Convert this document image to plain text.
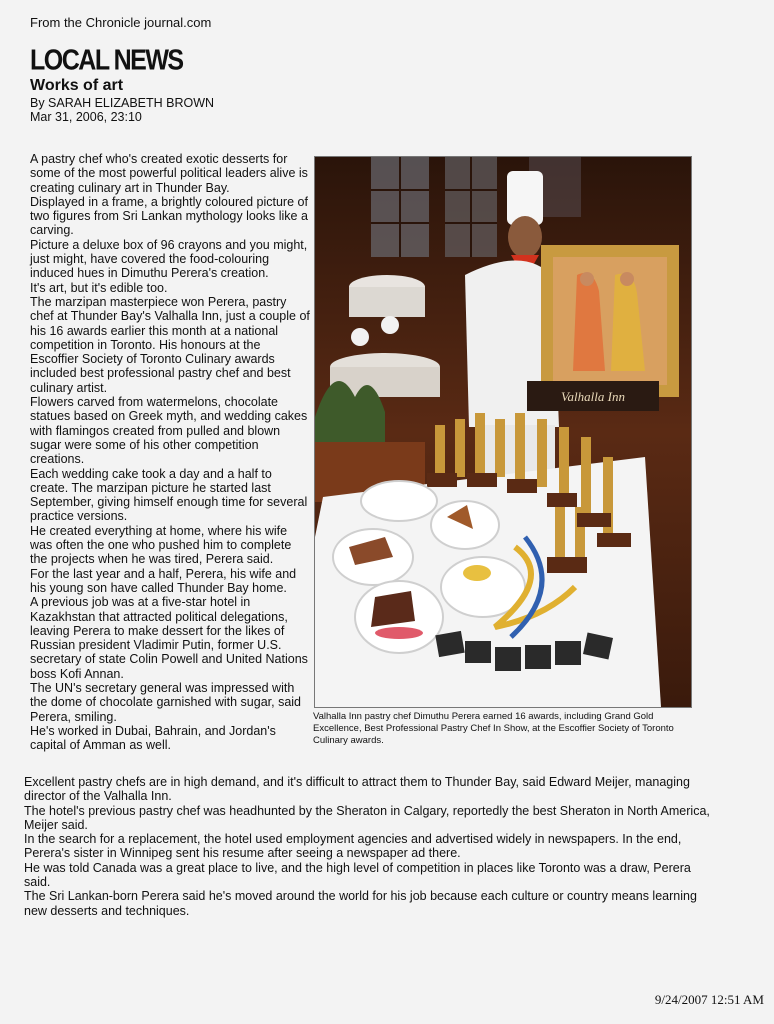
From the Chronicle journal.com
LOCAL NEWS
Works of art
By SARAH ELIZABETH BROWN
Mar 31, 2006, 23:10

A pastry chef who's created exotic desserts for some of the most powerful political leaders alive is creating culinary art in Thunder Bay.

Displayed in a frame, a brightly coloured picture of two figures from Sri Lankan mythology looks like a carving.

Picture a deluxe box of 96 crayons and you might, just might, have covered the food-colouring induced hues in Dimuthu Perera's creation.

It's art, but it's edible too.

The marzipan masterpiece won Perera, pastry chef at Thunder Bay's Valhalla Inn, just a couple of his 16 awards earlier this month at a national competition in Toronto. His honours at the Escoffier Society of Toronto Culinary awards included best professional pastry chef and best culinary artist.

Flowers carved from watermelons, chocolate statues based on Greek myth, and wedding cakes with flamingos created from pulled and blown sugar were some of his other competition creations.

Each wedding cake took a day and a half to create. The marzipan picture he started last September, giving himself enough time for several practice versions.

He created everything at home, where his wife was often the one who pushed him to complete the projects when he was tired, Perera said.

For the last year and a half, Perera, his wife and his young son have called Thunder Bay home.

A previous job was at a five-star hotel in Kazakhstan that attracted political delegations, leaving Perera to make dessert for the likes of Russian president Vladimir Putin, former U.S. secretary of state Colin Powell and United Nations boss Kofi Annan.

The UN's secretary general was impressed with the dome of chocolate garnished with sugar, said Perera, smiling.

He's worked in Dubai, Bahrain, and Jordan's capital of Amman as well.

Valhalla Inn
Valhalla Inn pastry chef Dimuthu Perera earned 16 awards, including Grand Gold Excellence, Best Professional Pastry Chef In Show, at the Escoffier Society of Toronto Culinary awards.

Excellent pastry chefs are in high demand, and it's difficult to attract them to Thunder Bay, said Edward Meijer, managing director of the Valhalla Inn.

The hotel's previous pastry chef was headhunted by the Sheraton in Calgary, reportedly the best Sheraton in North America, Meijer said.

In the search for a replacement, the hotel used employment agencies and advertised widely in newspapers. In the end, Perera's sister in Winnipeg sent his resume after seeing a newspaper ad there.

He was told Canada was a great place to live, and the high level of competition in places like Toronto was a draw, Perera said.

The Sri Lankan-born Perera said he's moved around the world for his job because each culture or country means learning new desserts and techniques.

9/24/2007 12:51 AM
